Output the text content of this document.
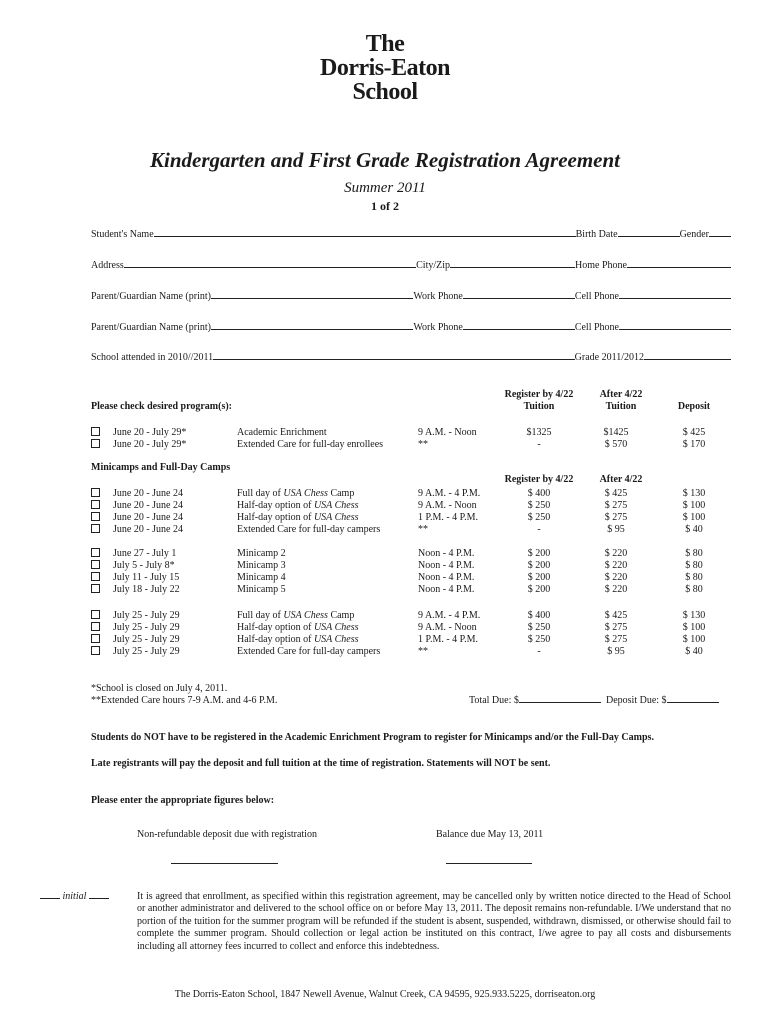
The
Dorris-Eaton
School
Kindergarten and First Grade Registration Agreement
Summer 2011
1 of 2
Student's Name	Birth Date	Gender
Address	City/Zip	Home Phone
Parent/Guardian Name (print)	Work Phone	Cell Phone
Parent/Guardian Name (print)	Work Phone	Cell Phone
School attended in 2010//2011	Grade 2011/2012
Please check desired program(s):
Register by 4/22
Tuition
After 4/22
Tuition	Deposit
Minicamps and Full-Day Camps
Register by 4/22	After 4/22
June 20 - July 29*	Academic Enrichment	9 A.M. - Noon	$1325	$1425	$ 425
June 20 - July 29*	Extended Care for full-day enrollees	**	-	$ 570	$ 170
June 20 - June 24	Full day of USA Chess Camp	9 A.M. - 4 P.M.	$ 400	$ 425	$ 130
June 20 - June 24	Half-day option of USA Chess	9 A.M. - Noon	$ 250	$ 275	$ 100
June 20 - June 24	Half-day option of USA Chess	1 P.M. - 4 P.M.	$ 250	$ 275	$ 100
June 20 - June 24	Extended Care for full-day campers	**	-	$ 95	$ 40
June 27 - July 1	Minicamp 2	Noon - 4 P.M.	$ 200	$ 220	$ 80
July 5 - July 8*	Minicamp 3	Noon - 4 P.M.	$ 200	$ 220	$ 80
July 11 - July 15	Minicamp 4	Noon - 4 P.M.	$ 200	$ 220	$ 80
July 18 - July 22	Minicamp 5	Noon - 4 P.M.	$ 200	$ 220	$ 80
July 25 - July 29	Full day of USA Chess Camp	9 A.M. - 4 P.M.	$ 400	$ 425	$ 130
July 25 - July 29	Half-day option of USA Chess	9 A.M. - Noon	$ 250	$ 275	$ 100
July 25 - July 29	Half-day option of USA Chess	1 P.M. - 4 P.M.	$ 250	$ 275	$ 100
July 25 - July 29	Extended Care for full-day campers	**	-	$ 95	$ 40
*School is closed on July 4, 2011.
**Extended Care hours 7-9 A.M. and 4-6 P.M.	Total Due: $	Deposit Due: $
Students do NOT have to be registered in the Academic Enrichment Program to register for Minicamps and/or the Full-Day Camps.
Late registrants will pay the deposit and full tuition at the time of registration. Statements will NOT be sent.
Please enter the appropriate figures below:
Non-refundable deposit due with registration	Balance due May 13, 2011
initial	It is agreed that enrollment, as specified within this registration agreement, may be cancelled only by written notice directed to the Head of School or another administrator and delivered to the school office on or before May 13, 2011. The deposit remains non-refundable. I/We understand that no portion of the tuition for the summer program will be refunded if the student is absent, suspended, withdrawn, dismissed, or otherwise should fail to complete the summer program. Should collection or legal action be instituted on this contract, I/we agree to pay all costs and disbursements including all attorney fees incurred to collect and enforce this indebtedness.
The Dorris-Eaton School, 1847 Newell Avenue, Walnut Creek, CA 94595, 925.933.5225, dorriseaton.org
